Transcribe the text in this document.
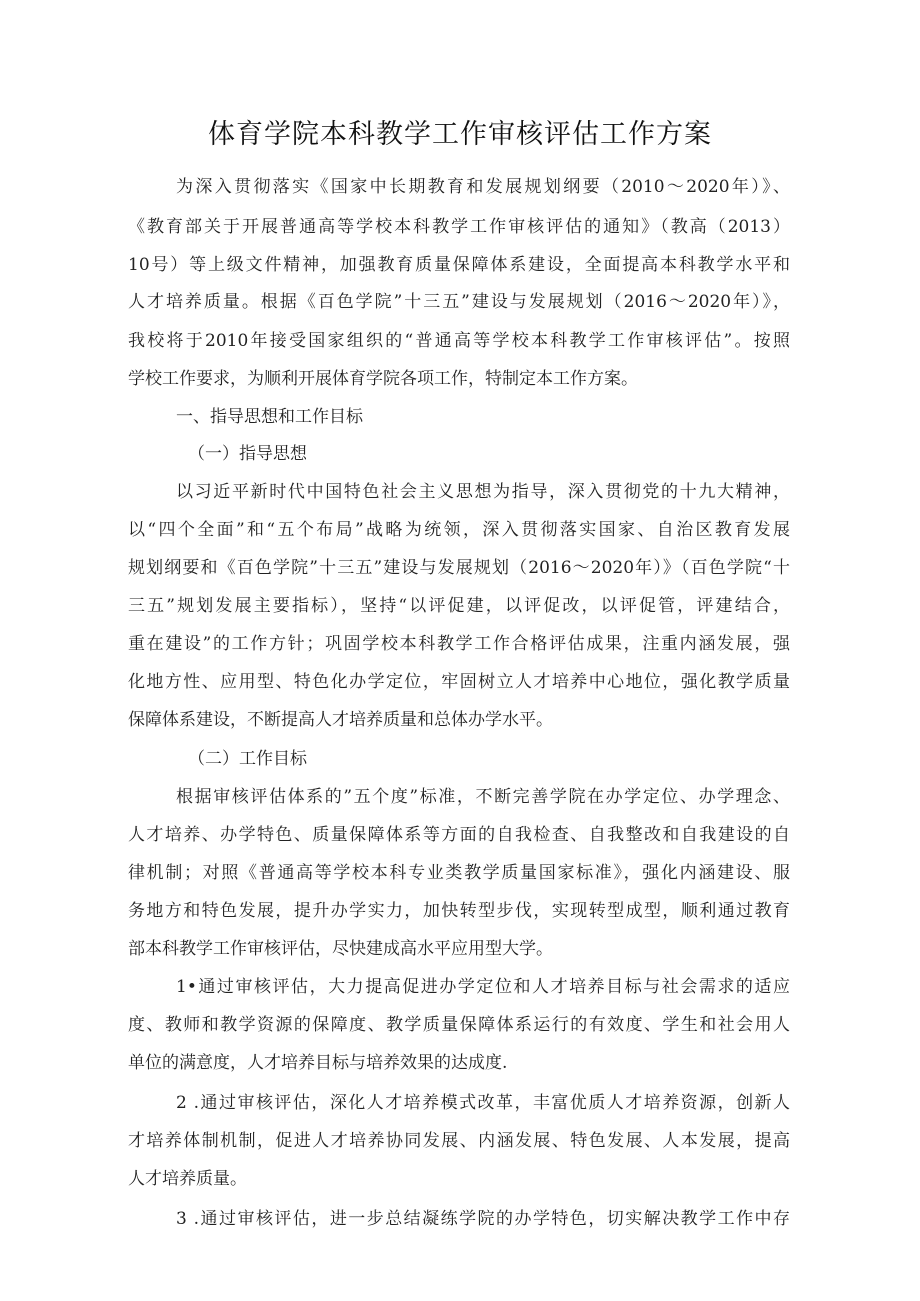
体育学院本科教学工作审核评估工作方案
为深入贯彻落实《国家中长期教育和发展规划纲要（2010～2020年）》、
《教育部关于开展普通高等学校本科教学工作审核评估的通知》（教高（2013）
10号）等上级文件精神，加强教育质量保障体系建设，全面提高本科教学水平和
人才培养质量。根据《百色学院”十三五”建设与发展规划（2016～2020年）》，
我校将于2010年接受国家组织的“普通高等学校本科教学工作审核评估”。按照
学校工作要求，为顺利开展体育学院各项工作，特制定本工作方案。
一、指导思想和工作目标
（一）指导思想
以习近平新时代中国特色社会主义思想为指导，深入贯彻党的十九大精神，
以“四个全面”和“五个布局”战略为统领，深入贯彻落实国家、自治区教育发展
规划纲要和《百色学院”十三五”建设与发展规划（2016～2020年）》（百色学院“十
三五”规划发展主要指标），坚持“以评促建，以评促改，以评促管，评建结合，
重在建设”的工作方针；巩固学校本科教学工作合格评估成果，注重内涵发展，强
化地方性、应用型、特色化办学定位，牢固树立人才培养中心地位，强化教学质量
保障体系建设，不断提高人才培养质量和总体办学水平。
（二）工作目标
根据审核评估体系的”五个度”标准，不断完善学院在办学定位、办学理念、
人才培养、办学特色、质量保障体系等方面的自我检查、自我整改和自我建设的自
律机制；对照《普通高等学校本科专业类教学质量国家标准》，强化内涵建设、服
务地方和特色发展，提升办学实力，加快转型步伐，实现转型成型，顺利通过教育
部本科教学工作审核评估，尽快建成高水平应用型大学。
1•通过审核评估，大力提高促进办学定位和人才培养目标与社会需求的适应
度、教师和教学资源的保障度、教学质量保障体系运行的有效度、学生和社会用人
单位的满意度，人才培养目标与培养效果的达成度.
2 .通过审核评估，深化人才培养模式改革，丰富优质人才培养资源，创新人
才培养体制机制，促进人才培养协同发展、内涵发展、特色发展、人本发展，提高
人才培养质量。
3 .通过审核评估，进一步总结凝练学院的办学特色，切实解决教学工作中存
